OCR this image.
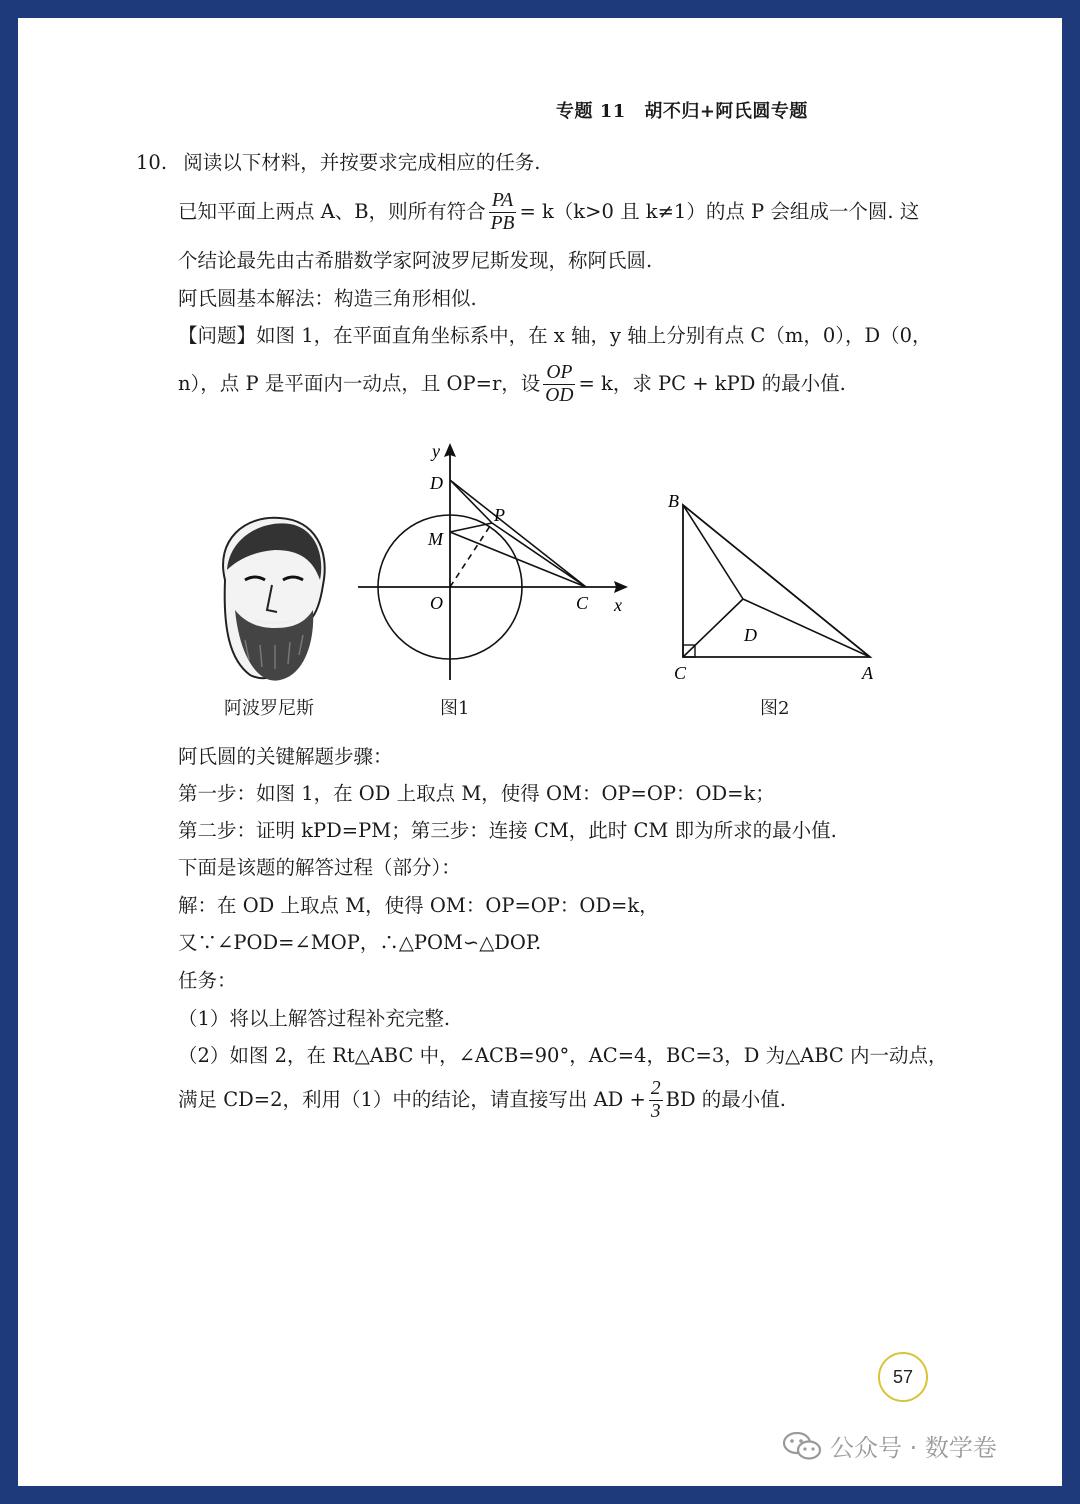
专题 11　胡不归+阿氏圆专题
10. 阅读以下材料，并按要求完成相应的任务.
已知平面上两点 A、B，则所有符合 $\frac{PA}{PB} = k(k>0$ 且 k≠1）的点 P 会组成一个圆. 这
个结论最先由古希腊数学家阿波罗尼斯发现，称阿氏圆.
阿氏圆基本解法：构造三角形相似.
【问题】如图 1，在平面直角坐标系中，在 x 轴，y 轴上分别有点 C（m，0），D（0，
n），点 P 是平面内一动点，且 OP=r，设 $\frac{OP}{OD} = k$，求 PC + kPD 的最小值.
阿波罗尼斯
y
D
P
M
O	C x
图1
B
D
C	A
图2
阿氏圆的关键解题步骤：
第一步：如图 1，在 OD 上取点 M，使得 OM：OP=OP：OD=k；
第二步：证明 kPD=PM；第三步：连接 CM，此时 CM 即为所求的最小值.
下面是该题的解答过程（部分）：
解：在 OD 上取点 M，使得 OM：OP=OP：OD=k，
又∵∠POD=∠MOP，∴△POM∽△DOP.
任务：
（1）将以上解答过程补充完整.
（2）如图 2，在 Rt△ABC 中，∠ACB=90°，AC=4，BC=3，D 为△ABC 内一动点，
满足 CD=2，利用（1）中的结论，请直接写出 AD + $\frac{2}{3}$ BD 的最小值.
57
公众号 · 数学卷
